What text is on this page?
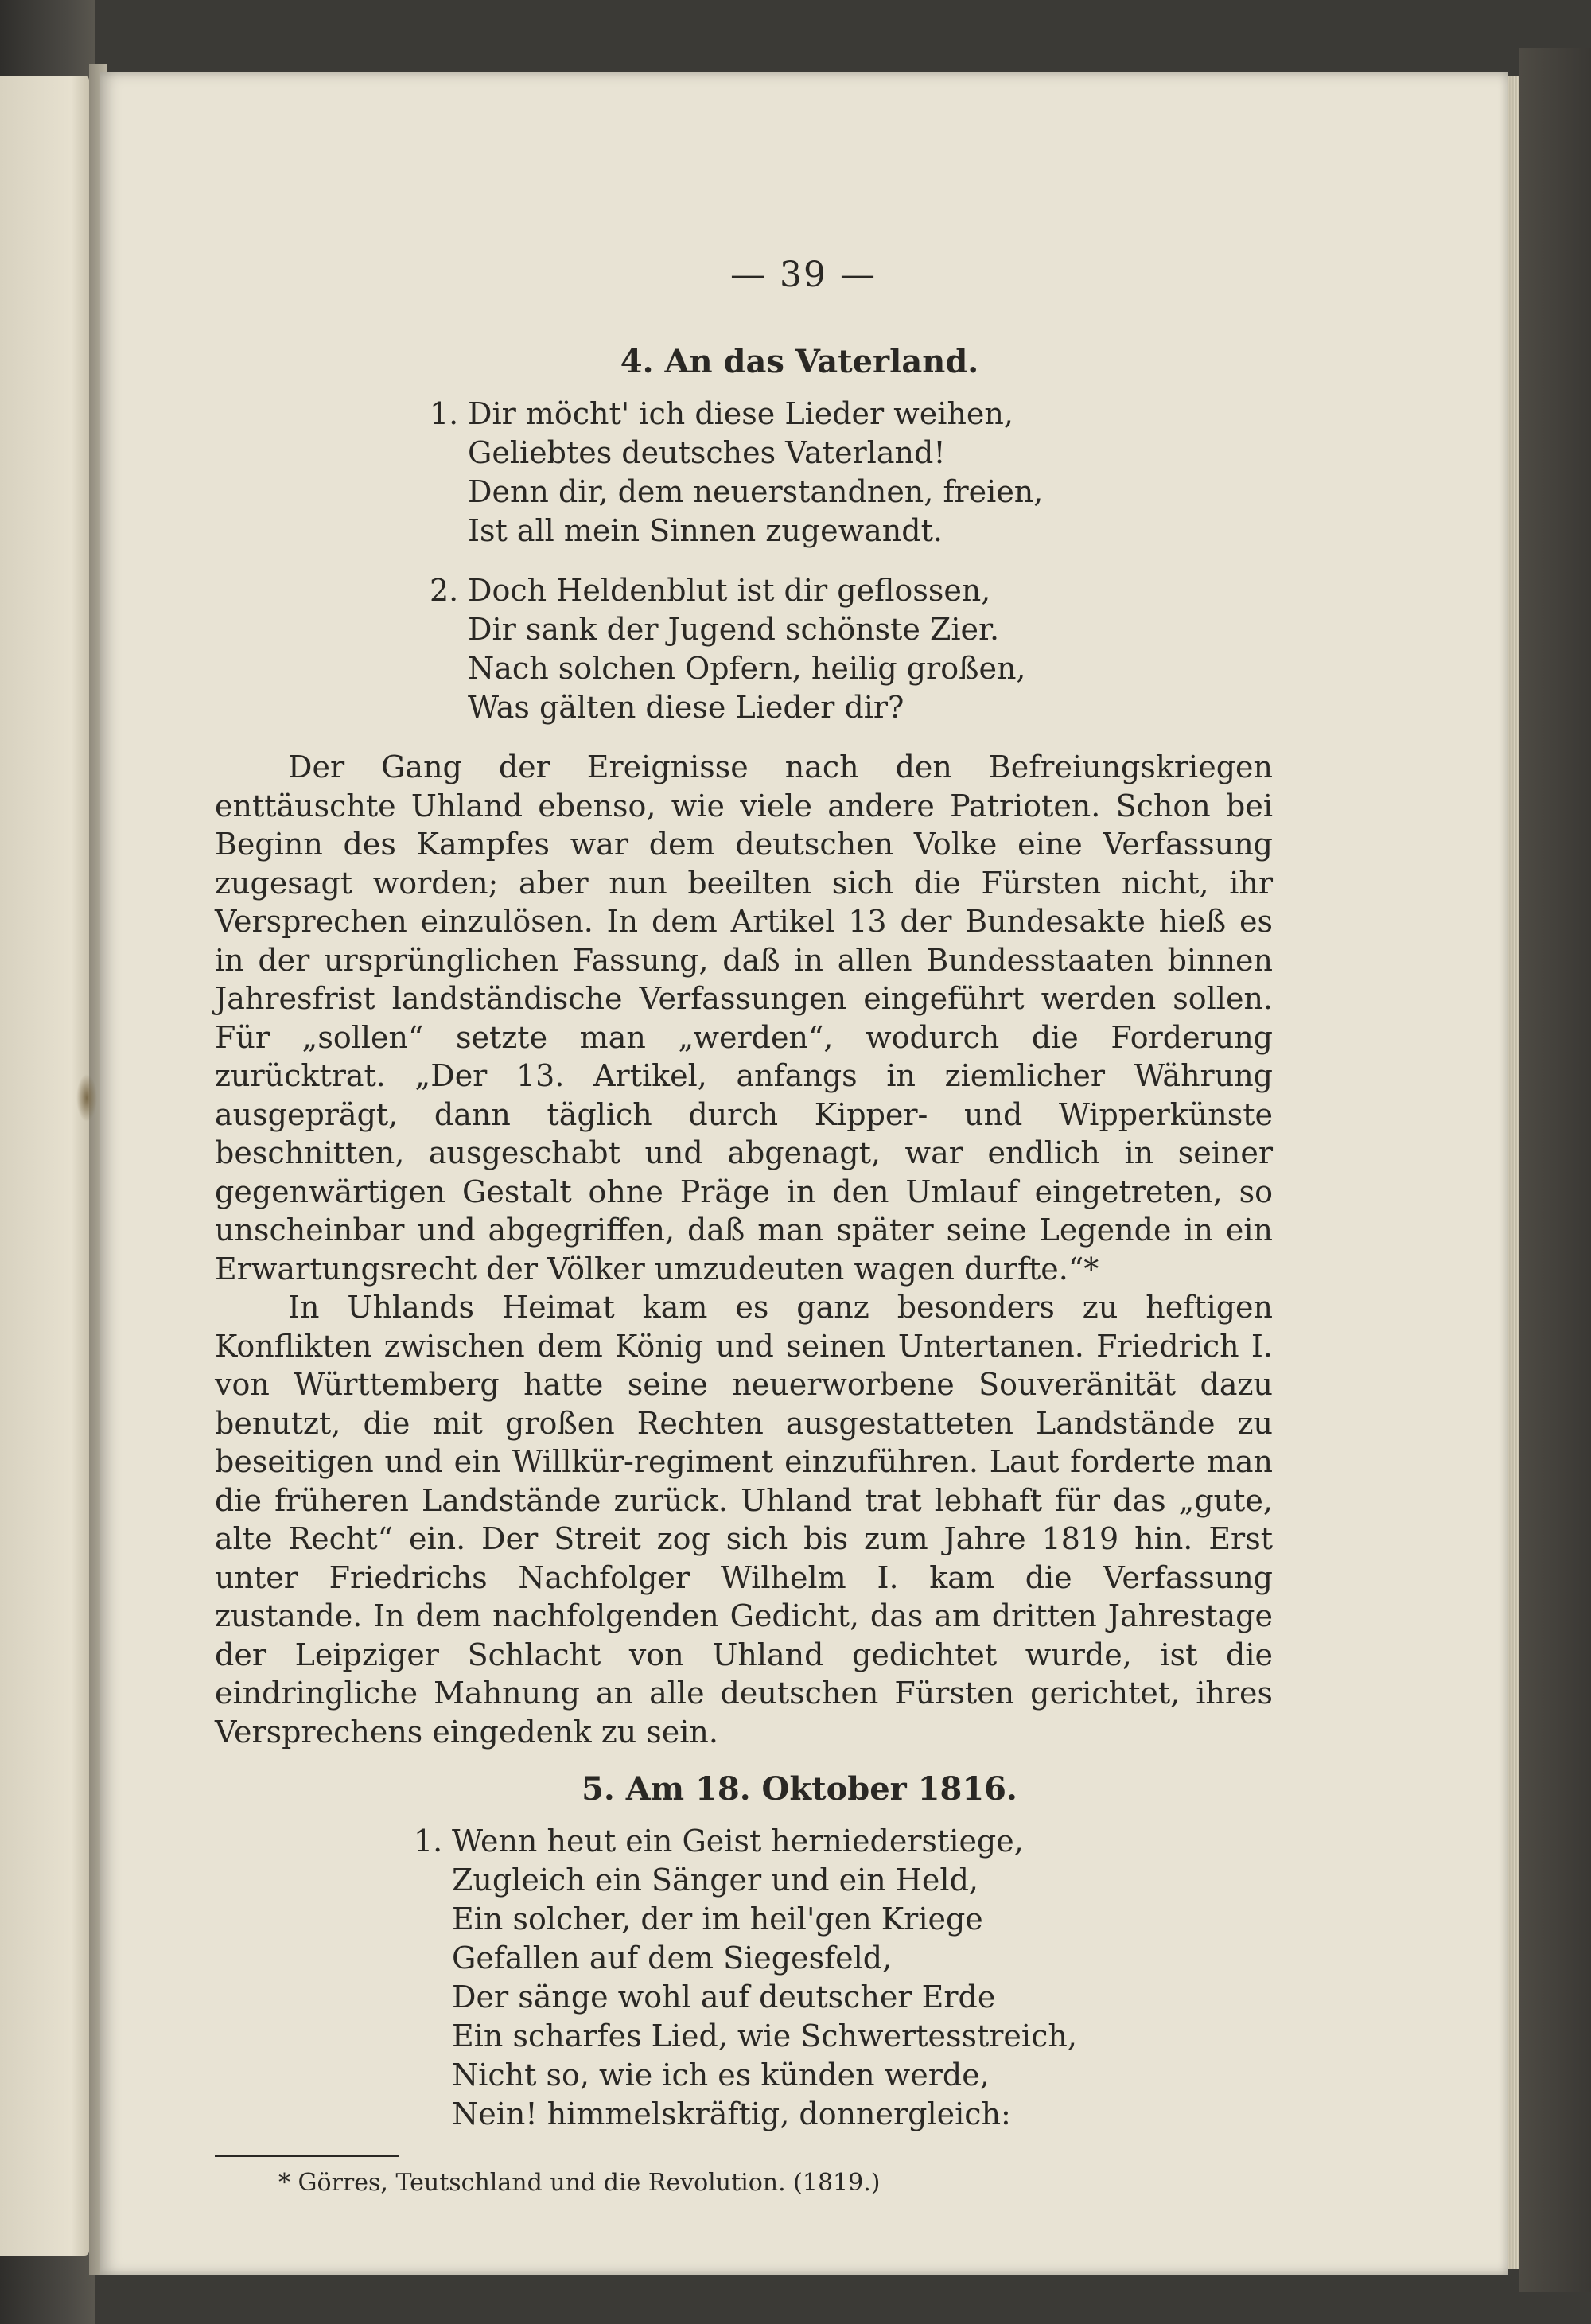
— 39 —
4. An das Vaterland.
1. Dir möcht' ich diese Lieder weihen,
Geliebtes deutsches Vaterland!
Denn dir, dem neuerstandnen, freien,
Ist all mein Sinnen zugewandt.
2. Doch Heldenblut ist dir geflossen,
Dir sank der Jugend schönste Zier.
Nach solchen Opfern, heilig großen,
Was gälten diese Lieder dir?

Der Gang der Ereignisse nach den Befreiungskriegen enttäuschte Uhland ebenso, wie viele andere Patrioten. Schon bei Beginn des Kampfes war dem deutschen Volke eine Verfassung zugesagt worden; aber nun beeilten sich die Fürsten nicht, ihr Versprechen einzulösen. In dem Artikel 13 der Bundesakte hieß es in der ursprünglichen Fassung, daß in allen Bundesstaaten binnen Jahresfrist landständische Verfassungen eingeführt werden sollen. Für „sollen“ setzte man „werden“, wodurch die Forderung zurücktrat. „Der 13. Artikel, anfangs in ziemlicher Währung ausgeprägt, dann täglich durch Kipper- und Wipperkünste beschnitten, ausgeschabt und abgenagt, war endlich in seiner gegenwärtigen Gestalt ohne Präge in den Umlauf eingetreten, so unscheinbar und abgegriffen, daß man später seine Legende in ein Erwartungsrecht der Völker umzudeuten wagen durfte.“*

In Uhlands Heimat kam es ganz besonders zu heftigen Konflikten zwischen dem König und seinen Untertanen. Friedrich I. von Württemberg hatte seine neuerworbene Souveränität dazu benutzt, die mit großen Rechten ausgestatteten Landstände zu beseitigen und ein Willkür-regiment einzuführen. Laut forderte man die früheren Landstände zurück. Uhland trat lebhaft für das „gute, alte Recht“ ein. Der Streit zog sich bis zum Jahre 1819 hin. Erst unter Friedrichs Nachfolger Wilhelm I. kam die Verfassung zustande. In dem nachfolgenden Gedicht, das am dritten Jahrestage der Leipziger Schlacht von Uhland gedichtet wurde, ist die eindringliche Mahnung an alle deutschen Fürsten gerichtet, ihres Versprechens eingedenk zu sein.

5. Am 18. Oktober 1816.
1. Wenn heut ein Geist herniederstiege,
Zugleich ein Sänger und ein Held,
Ein solcher, der im heil'gen Kriege
Gefallen auf dem Siegesfeld,
Der sänge wohl auf deutscher Erde
Ein scharfes Lied, wie Schwertesstreich,
Nicht so, wie ich es künden werde,
Nein! himmelskräftig, donnergleich:
* Görres, Teutschland und die Revolution. (1819.)
